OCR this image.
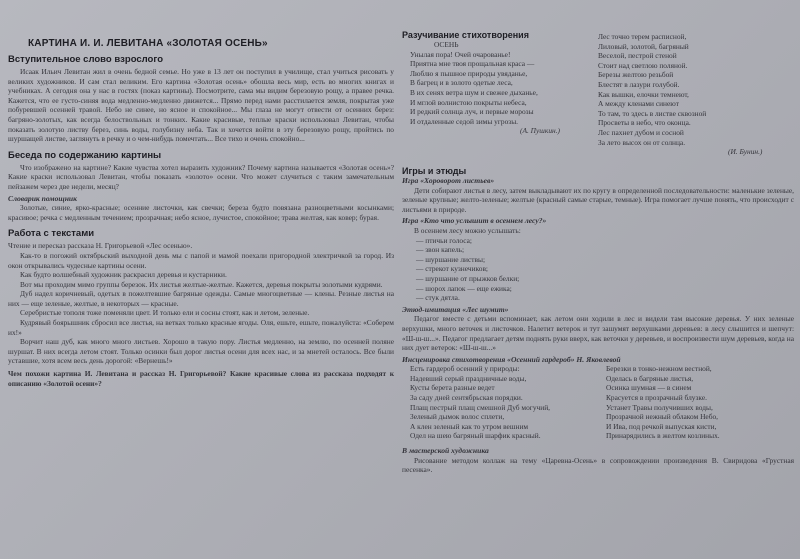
КАРТИНА И. И. ЛЕВИТАНА «ЗОЛОТАЯ ОСЕНЬ»
Вступительное слово взрослого

Исаак Ильич Левитан жил в очень бедной семье. Но уже в 13 лет он поступил в училище, стал учиться рисовать у великих художников. И сам стал великим. Его картина «Золотая осень» обошла весь мир, есть во многих книгах и учебниках. А сегодня она у нас в гостях (показ картины). Посмотрите, сама мы видим березовую рощу, а правее речка. Кажется, что ее густо-синяя вода медленно-медленно движется... Прямо перед нами расстилается земля, покрытая уже побуревшей осенней травой. Небо не синее, но ясное и спокойное... Мы глаза не могут отвести от осенних берез: багряно-золотых, как всегда белоствольных и тонких. Какие красивые, теплые краски использовал Левитан, чтобы показать золотую листву берез, синь воды, голубизну неба. Так и хочется войти в эту березовую рощу, пройтись по шуршащей листве, заглянуть в речку и о чем-нибудь помечтать... Все тихо и очень спокойно...

Беседа по содержанию картины

Что изображено на картине? Какие чувства хотел выразить художник? Почему картина называется «Золотая осень»? Какие краски использовал Левитан, чтобы показать «золото» осени. Что может случиться с таким замечательным пейзажем через две недели, месяц?

Словарик помощник

Золотые, синие, ярко-красные; осенние листочки, как свечки; береза будто повязана разноцветными косынками; красивое; речка с медленным течением; прозрачная; небо ясное, лучистое, спокойное; трава желтая, как ковер; бурая.

Работа с текстами

Чтение и пересказ рассказа Н. Григорьевой «Лес осенью».

Как-то в погожий октябрьский выходной день мы с папой и мамой поехали пригородной электричкой за город. Из окон открывались чудесные картины осени.

Как будто волшебный художник раскрасил деревья и кустарники.

Вот мы проходим мимо группы березок. Их листья желтые-желтые. Кажется, деревья покрыты золотыми кудрями.

Дуб надел коричневый, одетых в пожелтевшие багряные одежды. Самые многоцветные — клены. Резные листья на них — еще зеленые, желтые, в некоторых — красные.

Серебристые тополя тоже поменяли цвет. И только ели и сосны стоят, как и летом, зеленые.

Кудрявый боярышник сбросил все листья, на ветках только красные ягоды. Оля, ешьте, ешьте, пожалуйста: «Соберем их!»

Ворчит наш дуб, как много много листьев. Хорошо в такую пору. Листья медленно, на землю, по осенней поляне шуршат. В них всегда летом стоят. Только осинки был дорог листья осени для всех нас, и за мнетей осталось. Все были уставшие, хотя всем весь день дорогой: «Вернешь!»

Чем похожи картина И. Левитана и рассказ Н. Григорьевой? Какие красивые слова из рассказа подходят к описанию «Золотой осени»?

Разучивание стихотворения
ОСЕНЬ
Унылая пора! Очей очарованье!
Приятна мне твоя прощальная краса —
Люблю я пышное природы увяданье,
В багрец и в золото одетые леса,
В их сенях ветра шум и свежее дыханье,
И мглой волнистою покрыты небеса,
И редкий солнца луч, и первые морозы
И отдаленные седой зимы угрозы.
(А. Пушкин.)
Лес точно терем расписной,
Лиловый, золотой, багряный
Веселой, пестрой стеной
Стоит над светлою поляной.
Березы желтою резьбой
Блестят в лазури голубой.
Как вышки, елочки темнеют,
А между кленами синеют
То там, то здесь в листве сквозной
Просветы в небо, что оконца.
Лес пахнет дубом и сосной
За лето высох он от солнца.
(И. Бунин.)
Игры и этюды

Игра «Хороворот листьев»

Дети собирают листья в лесу, затем выкладывают их по кругу в определенной последовательности: маленькие зеленые, зеленые крупные; желто-зеленые; желтые (красный самые старые, темные). Игра помогает лучше понять, что происходит с листьями в природе.

Игра «Кто что услышит в осеннем лесу?»

В осеннем лесу можно услышать:

— птичьи голоса;
— звон капель;
— шуршание листвы;
— стрекот кузнечиков;
— шуршание от прыжков белки;
— шорох лапок — еще ежика;
— стук дятла.

Этюд-имитация «Лес шумит»

Педагог вместе с детьми вспоминает, как летом они ходили в лес и видели там высокие деревья. У них зеленые верхушки, много веточек и листочков. Налетит ветерок и тут зашумят верхушками деревьев: в лесу слышится и шепчут: «Ш-ш-ш...». Педагог предлагает детям поднять руки вверх, как веточки у деревьев, и воспроизвести шум деревьев, когда на них дует ветерок: «Ш-ш-ш...»

Инсценировка стихотворения «Осенний гардероб» Н. Яковлевой

Есть гардероб осенний у природы:
Надевший серый праздничные воды,
Кусты берета разные ведет
За саду дней сентябрьская порядки.
Плащ пестрый плащ смешной Дуб могучий,
Зеленый дымок волос сплети,
А клен зеленый как то утром вешним
Одел на шею багряный шарфик красный.
Березки в тонко-нежном вестной,
Оделась в багряные листья,
Осинка шумная — в синем
Красуется в прозрачный блузке.
Устанет Травы получивших воды,
Прозрачной нежный облаком Небо,
И Ива, под речкой выпуская кисти,
Принарядились в желтом козлиных.

В мастерской художника

Рисование методом коллаж на тему «Царевна-Осень» в сопровождении произведения В. Свиридова «Грустная песенка».
